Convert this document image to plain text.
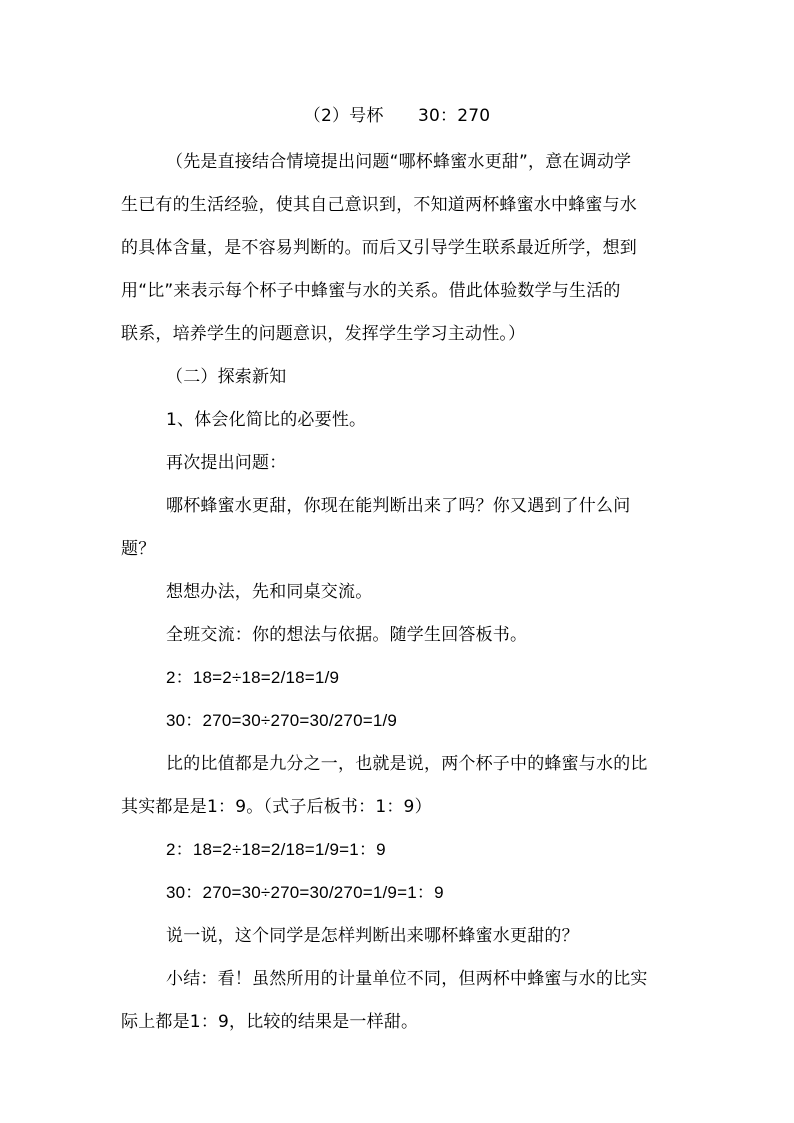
（2）号杯　　30：270
（先是直接结合情境提出问题“哪杯蜂蜜水更甜”，意在调动学
生已有的生活经验，使其自己意识到，不知道两杯蜂蜜水中蜂蜜与水
的具体含量，是不容易判断的。而后又引导学生联系最近所学，想到
用“比”来表示每个杯子中蜂蜜与水的关系。借此体验数学与生活的
联系，培养学生的问题意识，发挥学生学习主动性。）
（二）探索新知
1、体会化简比的必要性。
再次提出问题：
哪杯蜂蜜水更甜，你现在能判断出来了吗？你又遇到了什么问
题？
想想办法，先和同桌交流。
全班交流：你的想法与依据。随学生回答板书。
2：18=2÷18=2/18=1/9
30：270=30÷270=30/270=1/9
比的比值都是九分之一，也就是说，两个杯子中的蜂蜜与水的比
其实都是是1：9。（式子后板书：1：9）
2：18=2÷18=2/18=1/9=1：9
30：270=30÷270=30/270=1/9=1：9
说一说，这个同学是怎样判断出来哪杯蜂蜜水更甜的？
小结：看！虽然所用的计量单位不同，但两杯中蜂蜜与水的比实
际上都是1：9，比较的结果是一样甜。
